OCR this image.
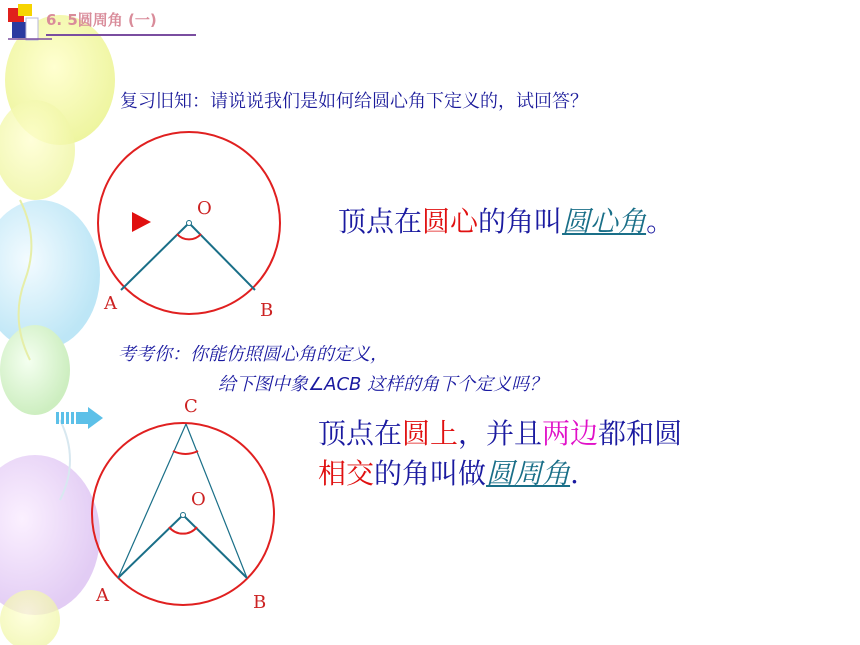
6. 5圆周角 (一)
复习旧知：请说说我们是如何给圆心角下定义的，试回答？
O
A	B
顶点在圆心的角叫圆心角。
考考你：你能仿照圆心角的定义，
给下图中象∠ACB 这样的角下个定义吗？
C
O
A	B
顶点在圆上，并且两边都和圆
相交的角叫做圆周角.
